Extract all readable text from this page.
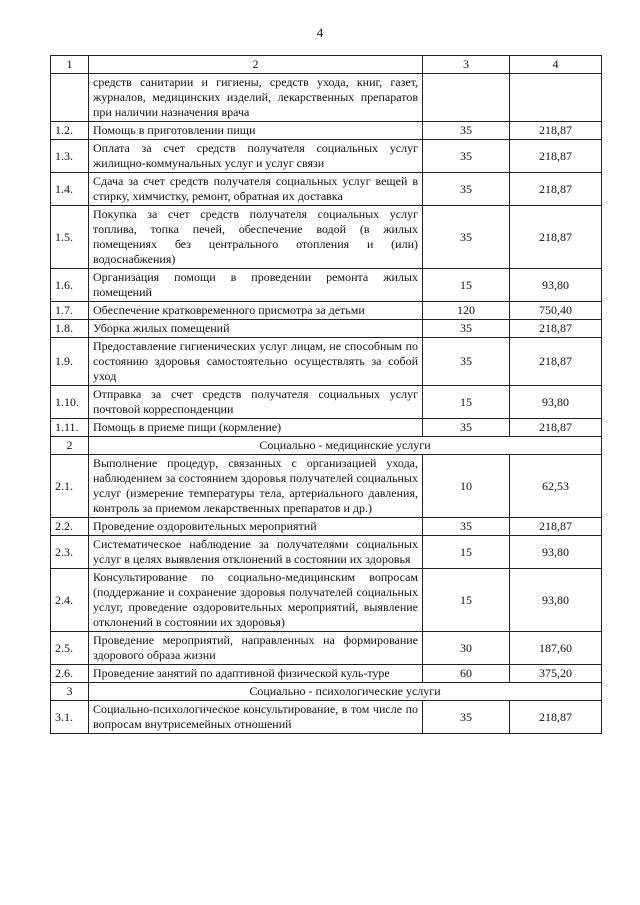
4
1	2	3	4
	средств санитарии и гигиены, средств ухода, книг, газет, журналов, медицинских изделий, лекарственных препаратов при наличии назначения врача		
1.2.	Помощь в приготовлении пищи	35	218,87
1.3.	Оплата за счет средств получателя социальных услуг жилищно-коммунальных услуг и услуг связи	35	218,87
1.4.	Сдача за счет средств получателя социальных услуг вещей в стирку, химчистку, ремонт, обратная их доставка	35	218,87
1.5.	Покупка за счет средств получателя социальных услуг топлива, топка печей, обеспечение водой (в жилых помещениях без центрального отопления и (или) водоснабжения)	35	218,87
1.6.	Организация помощи в проведении ремонта жилых помещений	15	93,80
1.7.	Обеспечение кратковременного присмотра за детьми	120	750,40
1.8.	Уборка жилых помещений	35	218,87
1.9.	Предоставление гигиенических услуг лицам, не способным по состоянию здоровья самостоятельно осуществлять за собой уход	35	218,87
1.10.	Отправка за счет средств получателя социальных услуг почтовой корреспонденции	15	93,80
1.11.	Помощь в приеме пищи (кормление)	35	218,87
2	Социально - медицинские услуги		
2.1.	Выполнение процедур, связанных с организацией ухода, наблюдением за состоянием здоровья получателей социальных услуг (измерение температуры тела, артериального давления, контроль за приемом лекарственных препаратов и др.)	10	62,53
2.2.	Проведение оздоровительных мероприятий	35	218,87
2.3.	Систематическое наблюдение за получателями социальных услуг в целях выявления отклонений в состоянии их здоровья	15	93,80
2.4.	Консультирование по социально-медицинским вопросам (поддержание и сохранение здоровья получателей социальных услуг, проведение оздоровительных мероприятий, выявление отклонений в состоянии их здоровья)	15	93,80
2.5.	Проведение мероприятий, направленных на формирование здорового образа жизни	30	187,60
2.6.	Проведение занятий по адаптивной физической куль-туре	60	375,20
3	Социально - психологические услуги		
3.1.	Социально-психологическое консультирование, в том числе по вопросам внутрисемейных отношений	35	218,87
